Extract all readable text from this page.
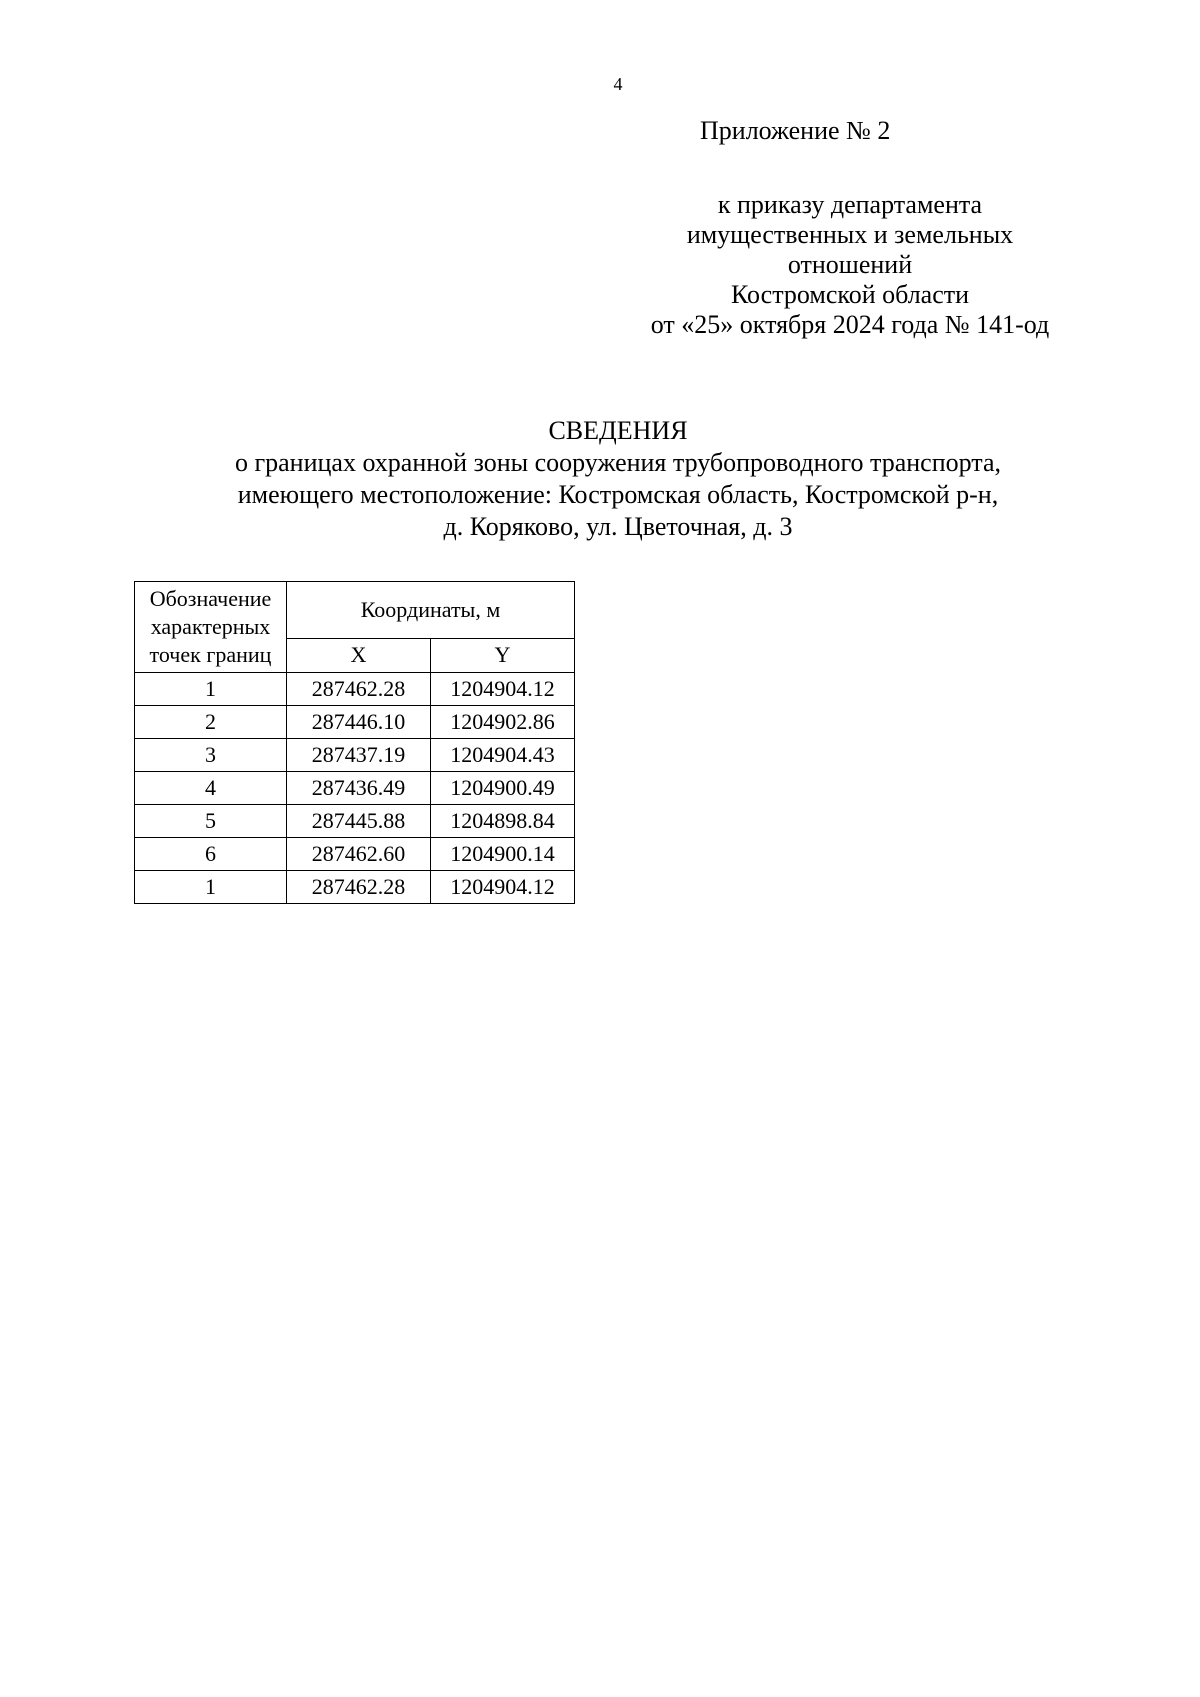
4
Приложение № 2
к приказу департамента
имущественных и земельных
отношений
Костромской области
от «25» октября 2024 года № 141-од
СВЕДЕНИЯ
о границах охранной зоны сооружения трубопроводного транспорта,
имеющего местоположение: Костромская область, Костромской р-н,
д. Коряково, ул. Цветочная, д. 3
Обозначение
характерных
точек границ	Координаты, м	
	X	Y
1	287462.28	1204904.12
2	287446.10	1204902.86
3	287437.19	1204904.43
4	287436.49	1204900.49
5	287445.88	1204898.84
6	287462.60	1204900.14
1	287462.28	1204904.12
